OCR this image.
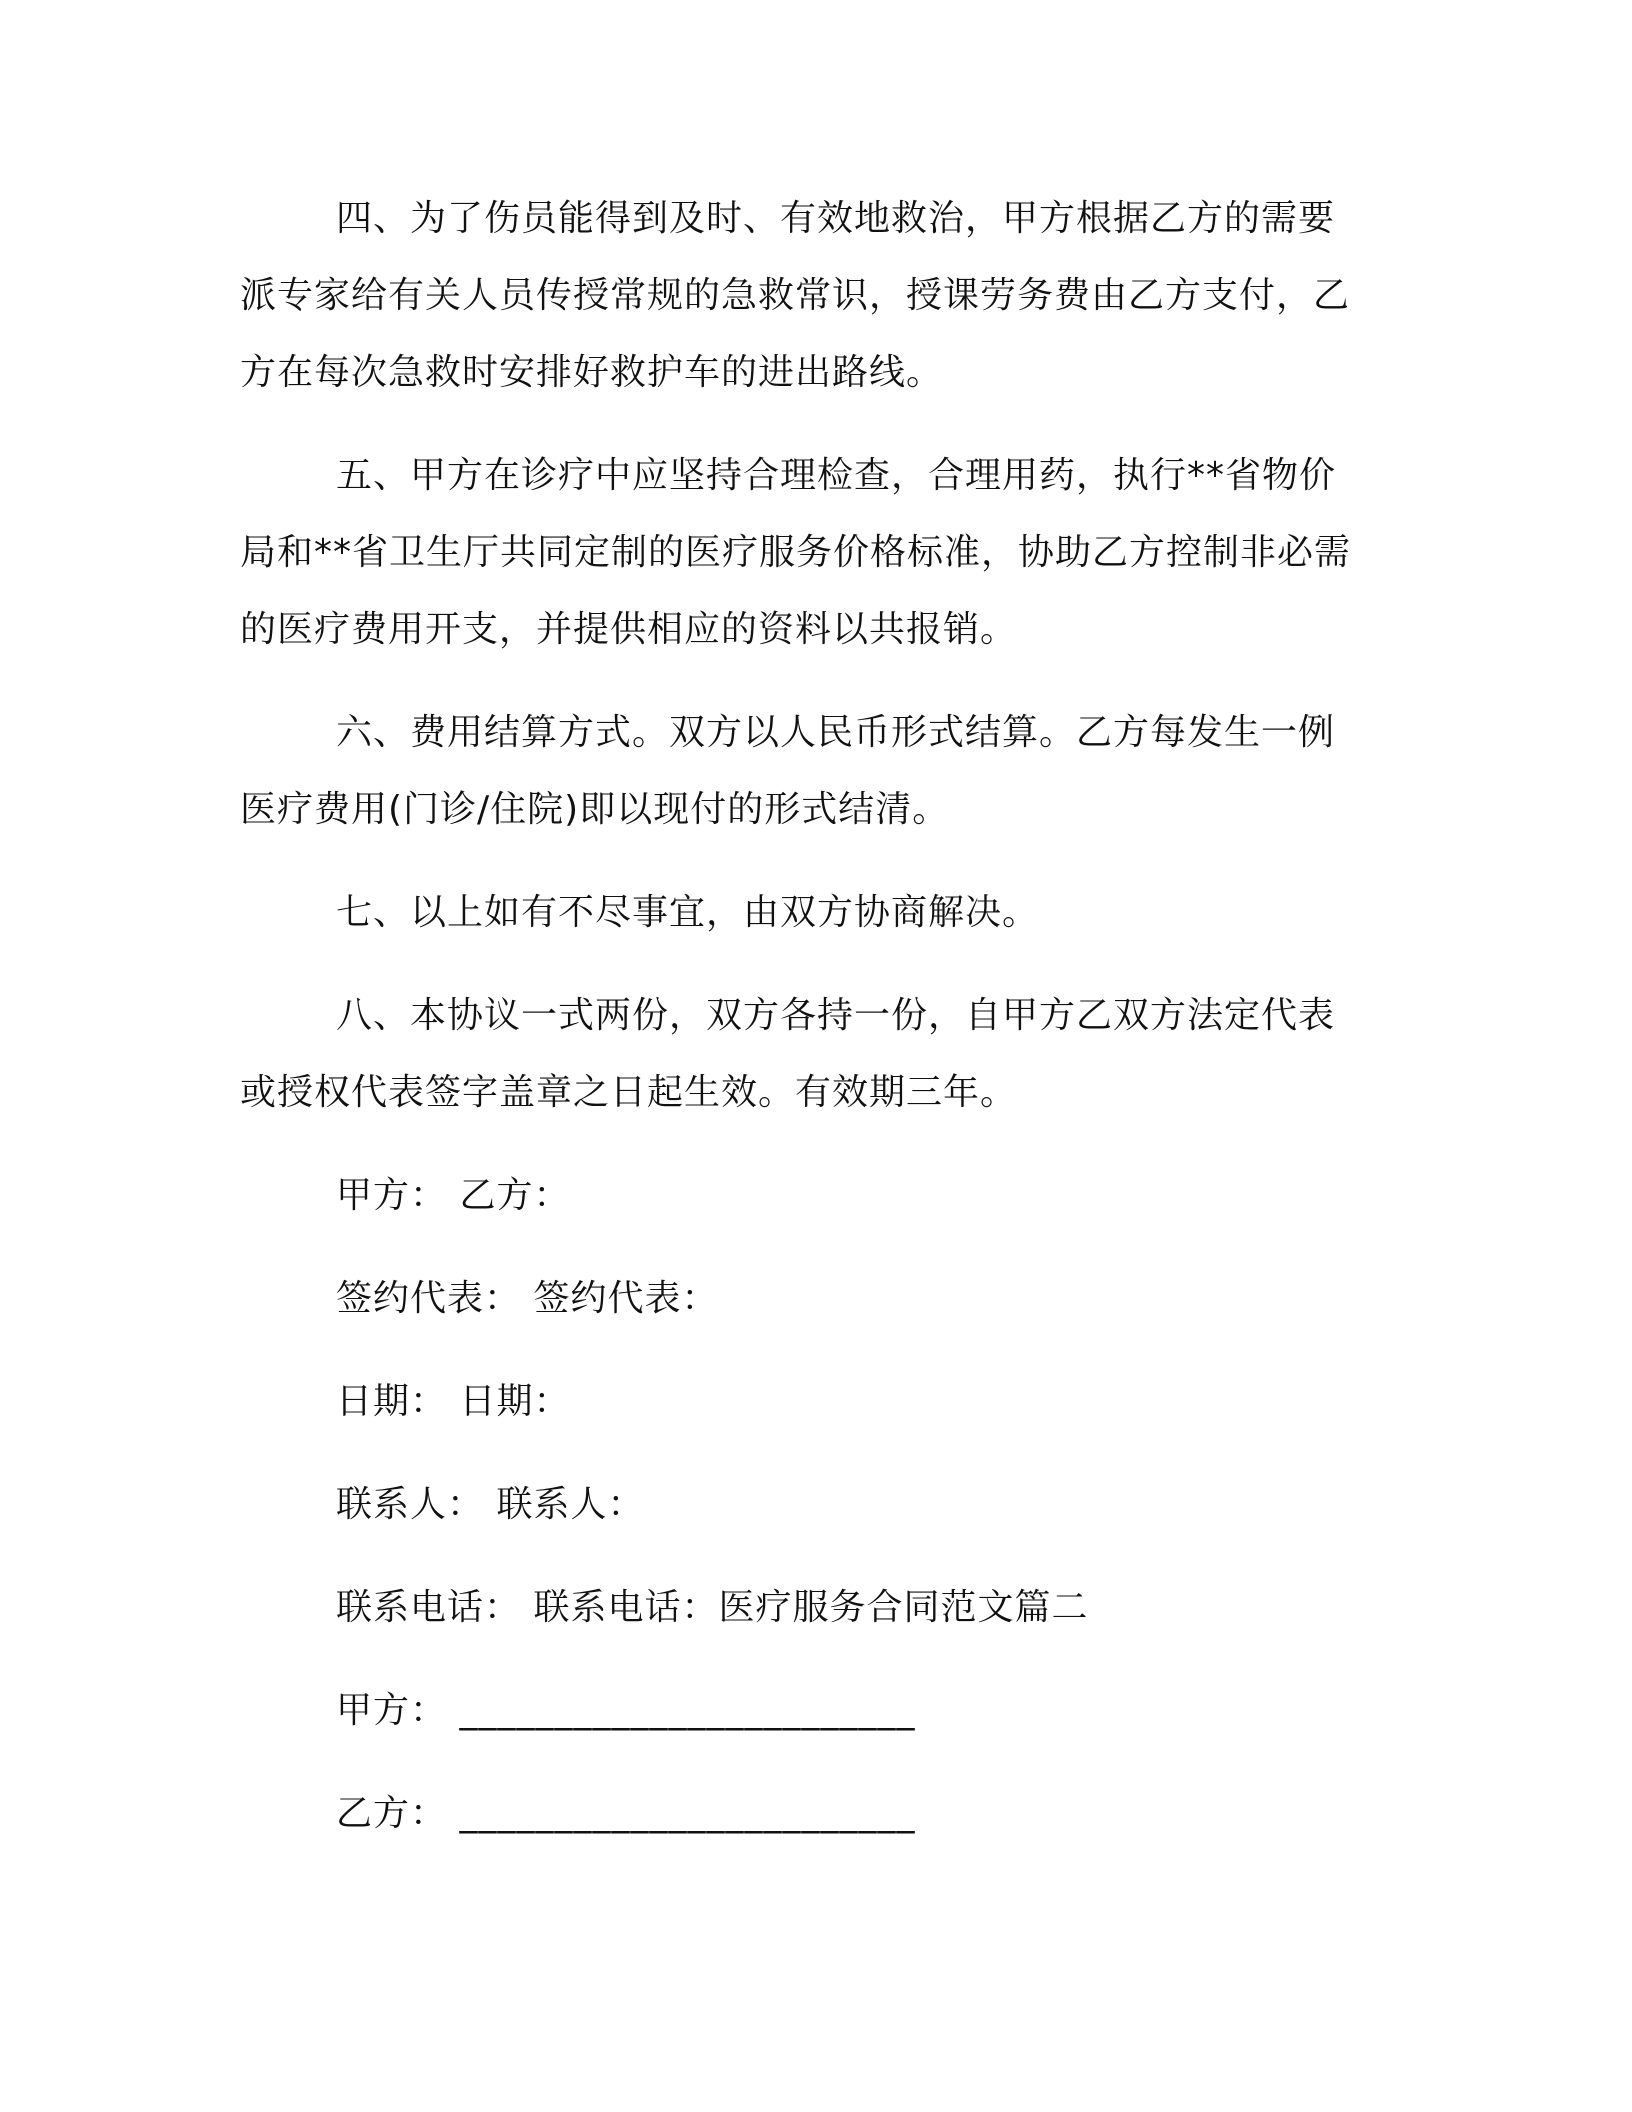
四、为了伤员能得到及时、有效地救治，甲方根据乙方的需要派专家给有关人员传授常规的急救常识，授课劳务费由乙方支付，乙方在每次急救时安排好救护车的进出路线。

五、甲方在诊疗中应坚持合理检查，合理用药，执行**省物价局和**省卫生厅共同定制的医疗服务价格标准，协助乙方控制非必需的医疗费用开支，并提供相应的资料以共报销。

六、费用结算方式。双方以人民币形式结算。乙方每发生一例医疗费用(门诊/住院)即以现付的形式结清。

七、以上如有不尽事宜，由双方协商解决。

八、本协议一式两份，双方各持一份，自甲方乙双方法定代表或授权代表签字盖章之日起生效。有效期三年。

甲方： 乙方：

签约代表： 签约代表：

日期： 日期：

联系人： 联系人：

联系电话： 联系电话：医疗服务合同范文篇二

甲方： ________________________

乙方： ________________________
